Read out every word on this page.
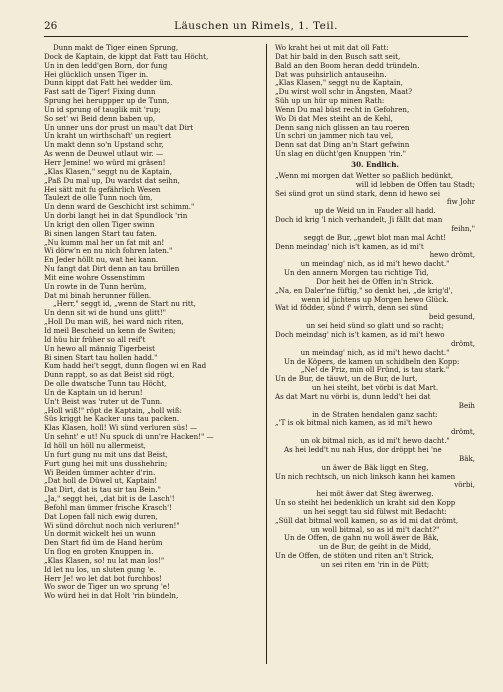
26	Läuschen un Rimels, 1. Teil.
Dunn makt de Tiger einen Sprung,
Dock de Kaptain, de kippt dat Fatt tau Höcht,
Un in den ledd'gen Born, dor fung
Hei glücklich unsen Tiger in.
Dunn kippt dat Fatt hei wedder üm.
Fast satt de Tiger! Fixing dunn
Sprung hei heruppper up de Tunn,
Un id sprung of tauglik mit 'rup;
So set' wi Beid denn baben up,
Un unner uns dor prust un mau't dat Dirt
Un kraht un wirthschaft' un regiert
Un makt denn so'n Upstand schr,
As wenn de Deuwel utlaut wir. —
Herr Jemine! wo würd mi gräsen!
„Klas Klasen," seggt nu de Kaptain,
„Paß Du mal up, Du wardst dat seihn,
Hei sätt mit fu gefährlich Wesen
Taulezt de olle Tunn noch üm,
Un denn ward de Geschicht irst schimm."
Un dorbi langt hei in dat Spundlock 'rin
Un krigt den ollen Tiger swinn
Bi sinen langen Start tau faten.
„Nu kumm mal her un fat mit an!
Wi dörw'n en nu nich fohren laten."
En Jeder höllt nu, wat hei kann.
Nu fangt dat Dirt denn an tau brüllen
Mit eine wohre Ossenstimm
Un rowte in de Tunn herüm,
Dat mi binah herunner füllen.
„Herr," seggt id, „wenn de Start nu ritt,
Un denn sit wi de hund uns glitt!"
„Holl Du man wiß, hei ward nich riten,
Id meil Bescheid un kenn de Switen;
Id hüu hir früher so all reif't
Un hewo all männig Tigerbeist
Bi sinen Start tau hollen hadd."
Kum hadd hei't seggt, dunn flogen wi en Rad
Dunn rappt, so as dat Beist sid rögt,
De olle dwatsche Tunn tau Höcht,
Un de Kaptain un id herun!
Un't Beist was 'ruter ut de Tunn.
„Holl wiß!" röpt de Kaptain, „holl wiß:
Süs kriggt he Kacker uns tau packen.
Klas Klasen, holl! Wi sünd verluren süs! —
Un sehnt' e ut! Nu spuck di unn're Hacken!" —
Id höll un höll nu allermeist,
Un furt gung nu mit uns dat Beist,
Furt gung hei mit uns dusshehrin;
Wi Beiden ümmer achter d'rin.
„Dat holl de Düwel ut, Kaptain!
Dat Dirt, dat is tau sir tau Bein."
„Ja," seggt hei, „dat bit is de Lasch'!
Befohl man ümmer frische Krasch'!
Dat Lopen fall nich ewig duren,
Wi sünd dörchut noch nich verluren!"
Un dormit wickelt hei un wunn
Den Start fid üm de Hand herüm
Un flog en groten Knuppen in.
„Klas Klasen, so! nu lat man los!"
Id let nu los, un sluten gung 'e.
Herr Je! wo let dat bot furchbos!
Wo swor de Tiger un wo sprung 'e!
Wo würd hei in dat Holt 'rin bündeln,
Wo kraht hei ut mit dat oll Fatt:
Dat hir bald in den Busch satt seit,
Bald an den Boom heran dedd tründeln.
Dat was puhsirlich antauseihn.
„Klas Klasen," seggt nu de Kaptain,
„Du wirst woll schr in Ängsten, Maat?
Süh up un hür up minen Rath:
Wenn Du mal büst recht in Gefohren,
Wo Di dat Mes steiht an de Kehl,
Denn sang nich glissen an tau roeren
Un schri un jammer nich tau vel,
Denn sat dat Ding an'n Start gefwinn
Un slag en dücht'gen Knuppen 'rin."
30. Endlich.
„Wenn mi morgen dat Wetter so paßlich bedünkt,
will id lebben de Offen tau Stadt;
Sei sünd grot un sünd stark, denn id hewo sei
fiw Johr
up de Weid un in Fauder all hadd.
Doch id krig 'l nich verhandelt, Ji fällt dat man
feihn,"
seggt de Bur, „gewt blot man mal Acht!
Denn meindag' nich is't kamen, as id mi't
hewo drömt,
un meindag' nich, as id mi't hewo dacht."
Un den annern Morgen tau richtige Tid,
Dor heit hei de Offen in'n Strick.
„Na, en Daler'ne füftig," so denkt hei, „de krig'd',
wenn id jichtens up Morgen hewo Glück.
Wat id födder, sünd f' wirrh, denn sei sünd
beid gesund,
un sei heid sünd so glatt und so racht;
Doch meindag' nich is't kamen, as id mi't hewo
drömt,
un meindag' nich, as id mi't hewo dacht."
Un de Köpers, de kamen un schidbeln den Kopp:
„Ne! de Priz, min oll Fründ, is tau stark."
Un de Bur, de täuwt, un de Bur, de lurt,
un hei steiht, bet vörbi is dat Mart.
As dat Mart nu vörbi is, dunn ledd't hei dat
Beih
in de Straten hendalen ganz sacht:
„'T is ok bitmal nich kamen, as id mi't hewo
drömt,
un ok bitmal nich, as id mi't hewo dacht."
As hei ledd't nu nah Hus, dor dröppt hei 'ne
Bäk,
un äwer de Bäk liggt en Steg,
Un nich rechtsch, un nich linksch kann hei kamen
vörbi,
hei möt äwer dat Steg äwerweg.
Un so steiht hei bedenklich un kraht sid den Kopp
un hei seggt tau sid fülwst mit Bedacht:
„Süll dat bitmal woll kamen, so as id mi dat drömt,
un woll bitmal, so as id mi't dacht?"
Un de Offen, de gahn nu woll äwer de Bäk,
un de Bur, de geiht in de Midd,
Un de Offen, de stöten und riten an't Strick,
un sei riten em 'rin in de Pütt;
